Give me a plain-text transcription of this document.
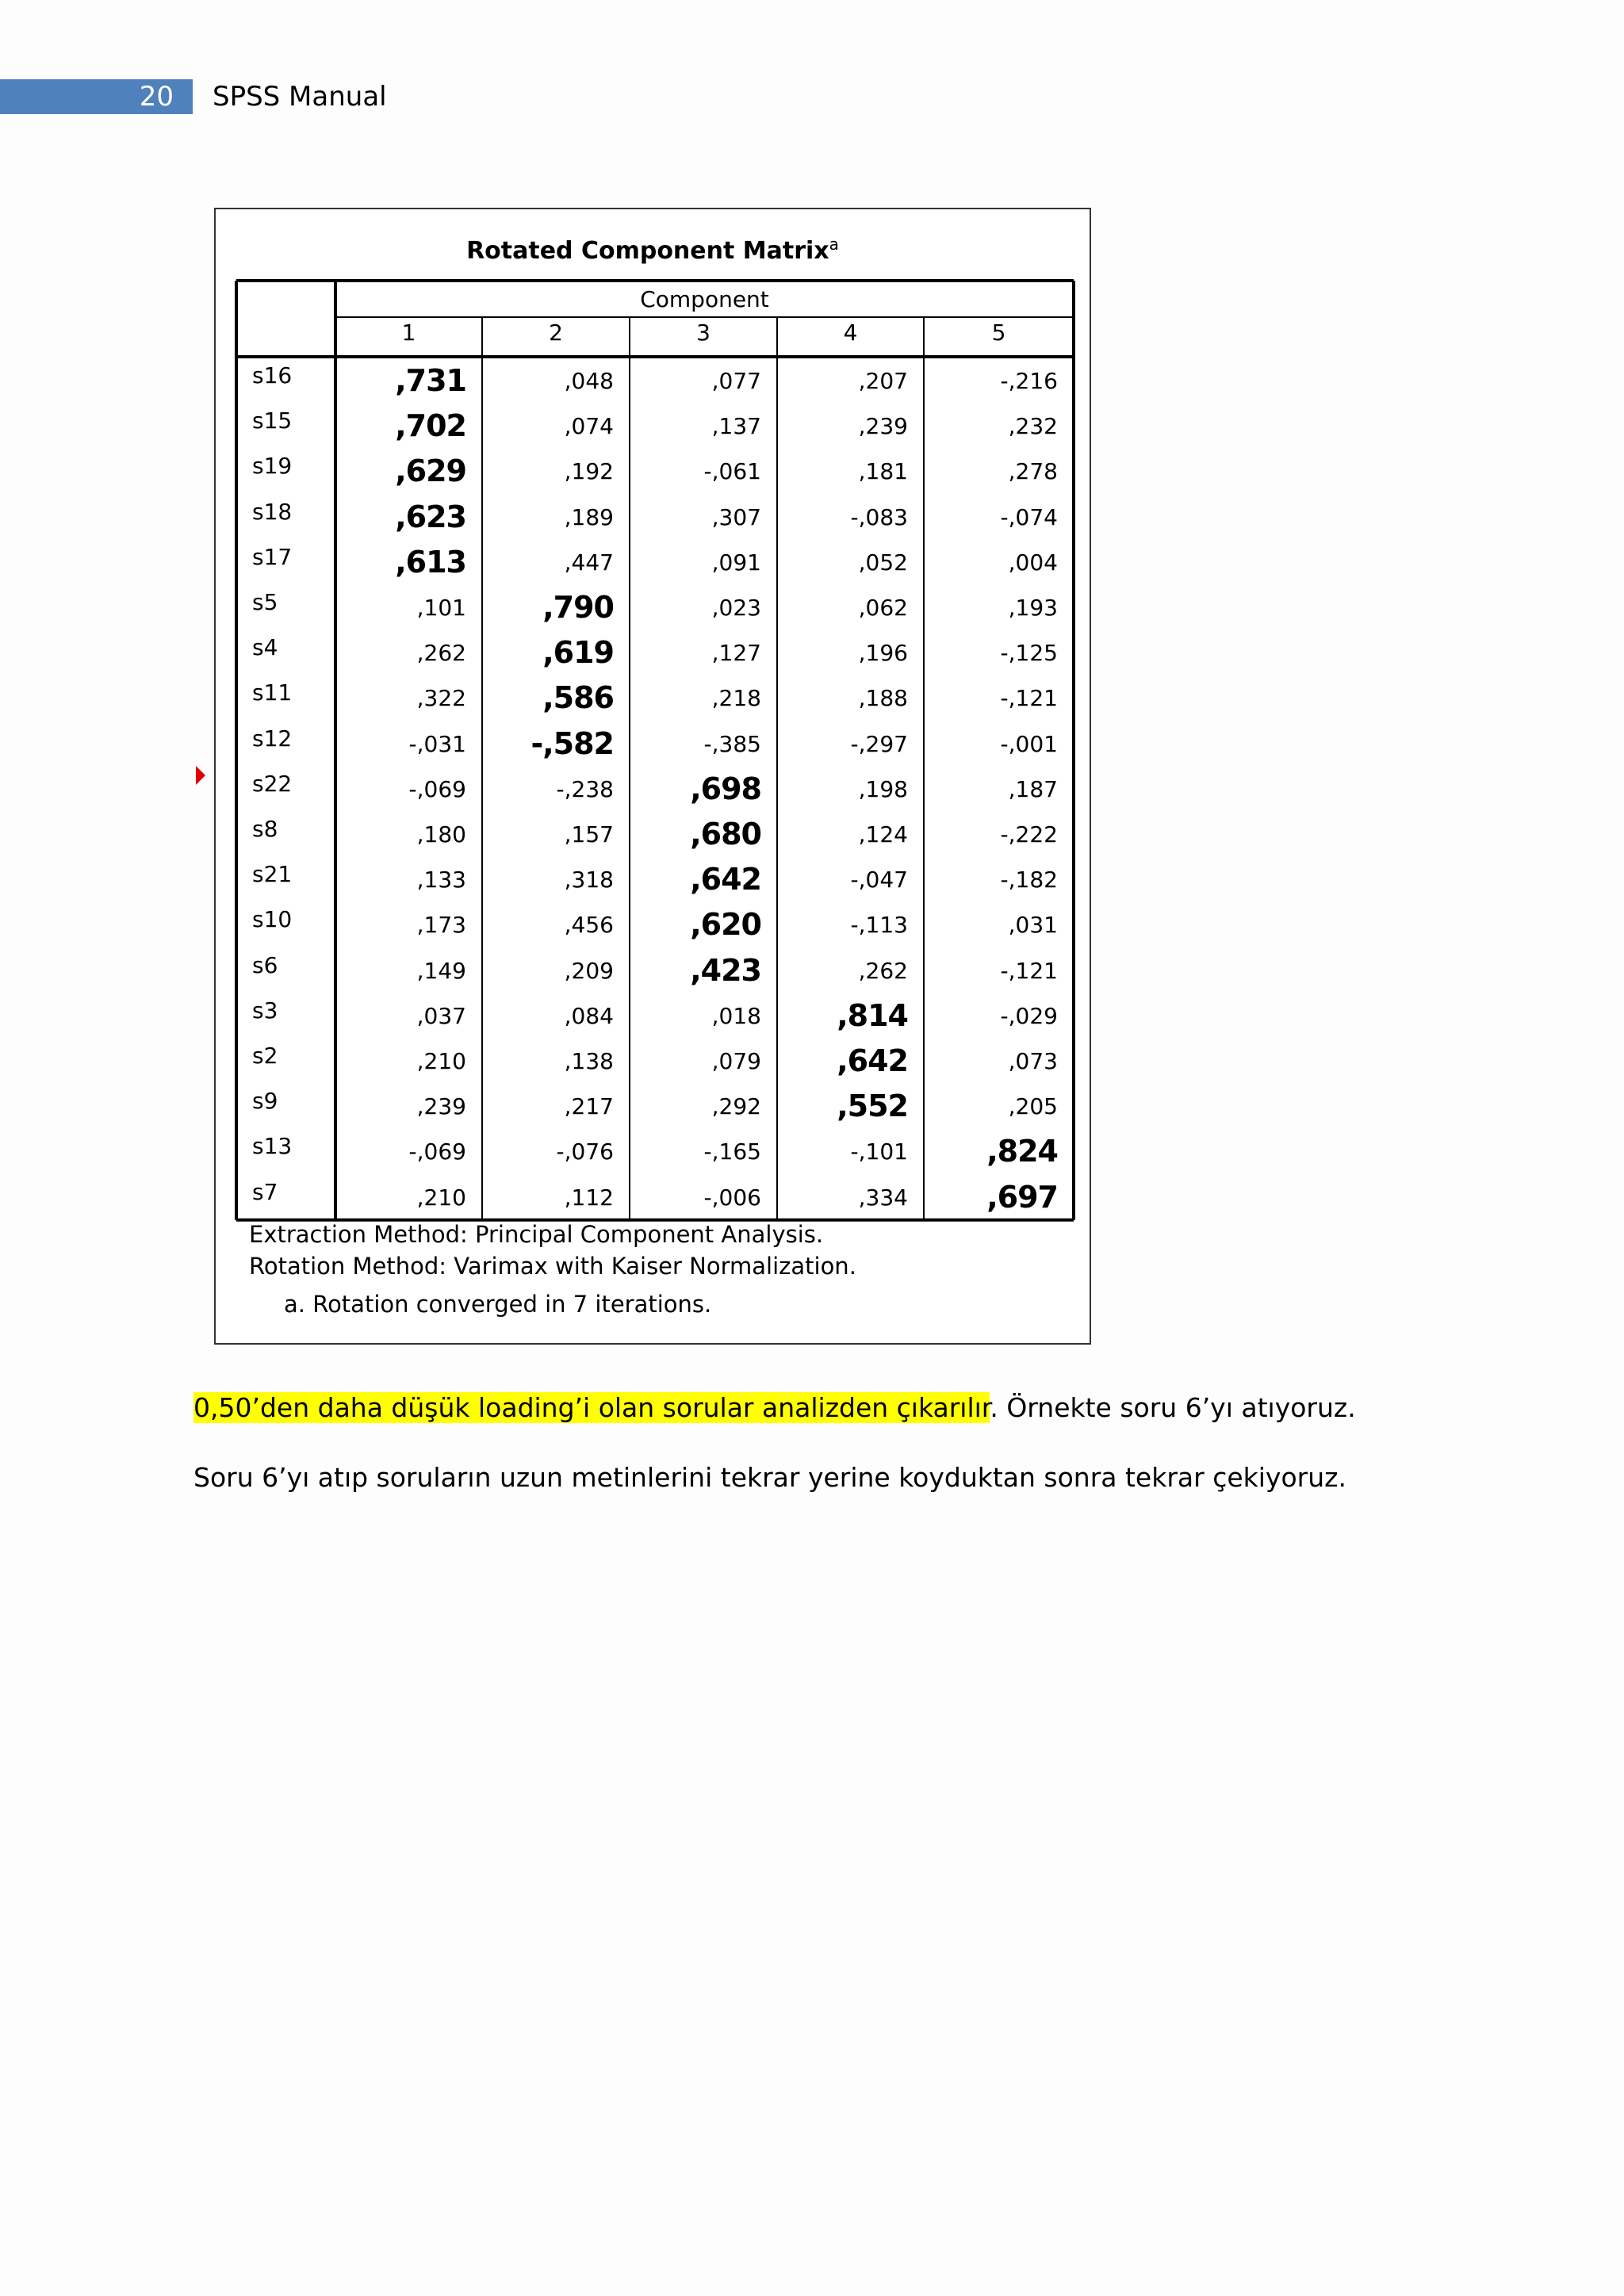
20	SPSS Manual
Rotated Component Matrix$^a$
Component
1	2	3	4	5
s16	,731	,048	,077	,207	-,216
s15	,702	,074	,137	,239	,232
s19	,629	,192	-,061	,181	,278
s18	,623	,189	,307	-,083	-,074
s17	,613	,447	,091	,052	,004
s5	,101	,790	,023	,062	,193
s4	,262	,619	,127	,196	-,125
s11	,322	,586	,218	,188	-,121
s12	-,031	-,582	-,385	-,297	-,001
s22	-,069	-,238	,698	,198	,187
s8	,180	,157	,680	,124	-,222
s21	,133	,318	,642	-,047	-,182
s10	,173	,456	,620	-,113	,031
s6	,149	,209	,423	,262	-,121
s3	,037	,084	,018	,814	-,029
s2	,210	,138	,079	,642	,073
s9	,239	,217	,292	,552	,205
s13	-,069	-,076	-,165	-,101	,824
s7	,210	,112	-,006	,334	,697
Extraction Method: Principal Component Analysis.
Rotation Method: Varimax with Kaiser Normalization.
a. Rotation converged in 7 iterations.
0,50’den daha düşük loading’i olan sorular analizden çıkarılır. Örnekte soru 6’yı atıyoruz.
Soru 6’yı atıp soruların uzun metinlerini tekrar yerine koyduktan sonra tekrar çekiyoruz.
